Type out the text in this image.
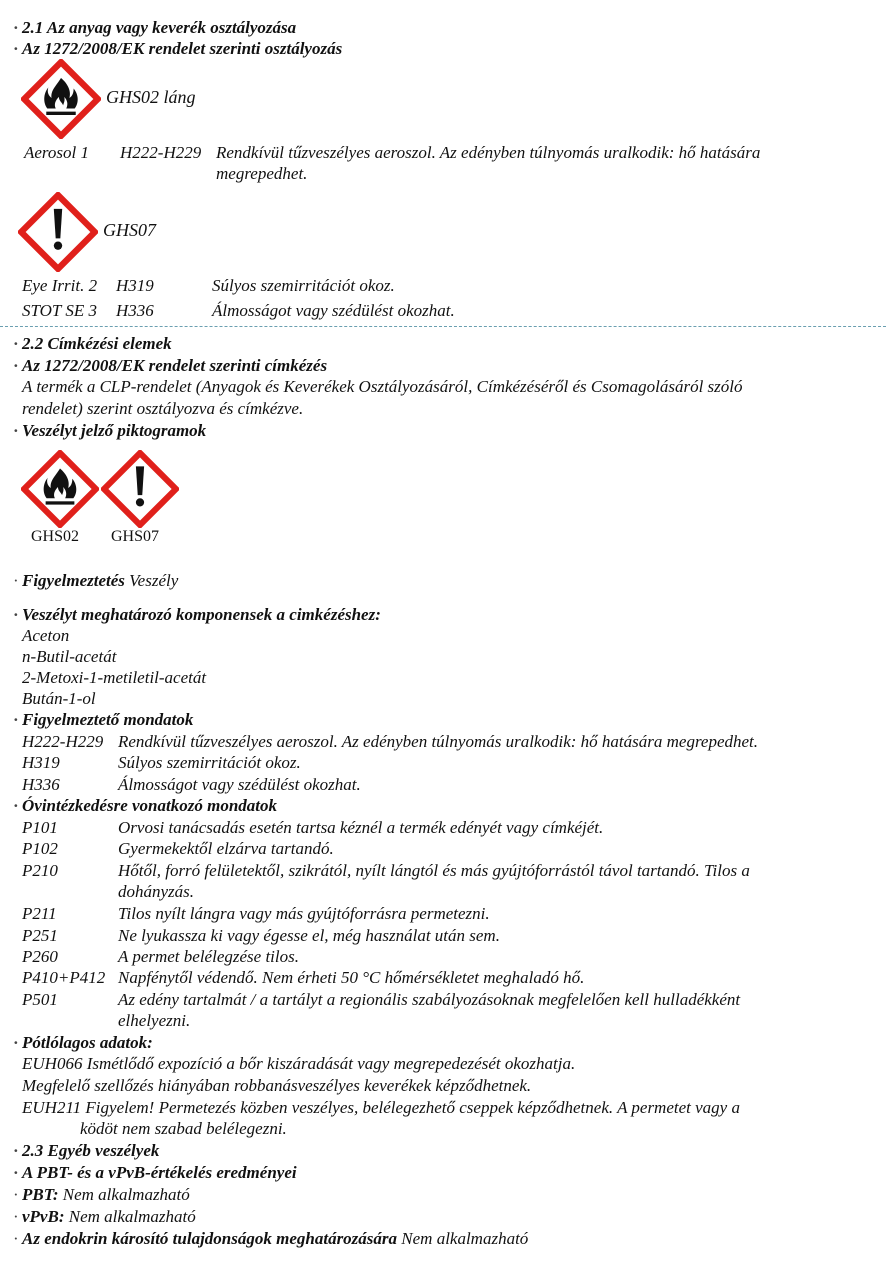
· 2.1 Az anyag vagy keverék osztályozása
· Az 1272/2008/EK rendelet szerinti osztályozás
GHS02 láng
Aerosol 1 H222-H229 Rendkívül tűzveszélyes aeroszol. Az edényben túlnyomás uralkodik: hő hatására
megrepedhet.
GHS07
Eye Irrit. 2 H319	Súlyos szemirritációt okoz.
STOT SE 3 H336	Álmosságot vagy szédülést okozhat.
· 2.2 Címkézési elemek
· Az 1272/2008/EK rendelet szerinti címkézés
A termék a CLP-rendelet (Anyagok és Keverékek Osztályozásáról, Címkézéséről és Csomagolásáról szóló
rendelet) szerint osztályozva és címkézve.
· Veszélyt jelző piktogramok
GHS02 GHS07
· Figyelmeztetés Veszély
· Veszélyt meghatározó komponensek a cimkézéshez:
Aceton
n-Butil-acetát
2-Metoxi-1-metiletil-acetát
Bután-1-ol
· Figyelmeztető mondatok
H222-H229 Rendkívül tűzveszélyes aeroszol. Az edényben túlnyomás uralkodik: hő hatására megrepedhet.
H319	Súlyos szemirritációt okoz.
H336	Álmosságot vagy szédülést okozhat.
· Óvintézkedésre vonatkozó mondatok
P101	Orvosi tanácsadás esetén tartsa kéznél a termék edényét vagy címkéjét.
P102	Gyermekektől elzárva tartandó.
P210	Hőtől, forró felületektől, szikrától, nyílt lángtól és más gyújtóforrástól távol tartandó. Tilos a
dohányzás.
P211	Tilos nyílt lángra vagy más gyújtóforrásra permetezni.
P251	Ne lyukassza ki vagy égesse el, még használat után sem.
P260	A permet belélegzése tilos.
P410+P412 Napfénytől védendő. Nem érheti 50 °C hőmérsékletet meghaladó hő.
P501	Az edény tartalmát / a tartályt a regionális szabályozásoknak megfelelően kell hulladékként
elhelyezni.
· Pótlólagos adatok:
EUH066 Ismétlődő expozíció a bőr kiszáradását vagy megrepedezését okozhatja.
Megfelelő szellőzés hiányában robbanásveszélyes keverékek képződhetnek.
EUH211 Figyelem! Permetezés közben veszélyes, belélegezhető cseppek képződhetnek. A permetet vagy a
ködöt nem szabad belélegezni.
· 2.3 Egyéb veszélyek
· A PBT- és a vPvB-értékelés eredményei
· PBT: Nem alkalmazható
· vPvB: Nem alkalmazható
· Az endokrin károsító tulajdonságok meghatározására Nem alkalmazható
